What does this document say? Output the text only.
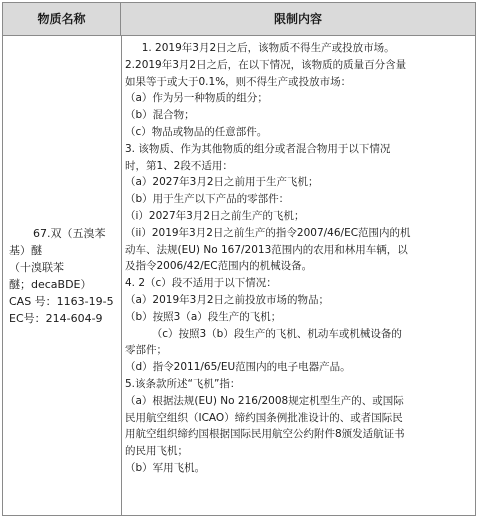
物质名称	限制内容
67.双（五溴苯
基）醚
（十溴联苯
醚；decaBDE）
CAS 号：1163-19-5
EC号：214-604-9
1. 2019年3月2日之后，该物质不得生产或投放市场。
2.2019年3月2日之后，在以下情况，该物质的质量百分含量
如果等于或大于0.1%，则不得生产或投放市场：
（a）作为另一种物质的组分；
（b）混合物；
（c）物品或物品的任意部件。
3. 该物质、作为其他物质的组分或者混合物用于以下情况
时，第1、2段不适用：
（a）2027年3月2日之前用于生产飞机；
（b）用于生产以下产品的零部件：
（i）2027年3月2日之前生产的飞机；
（ii）2019年3月2日之前生产的指令2007/46/EC范围内的机
动车、法规(EU) No 167/2013范围内的农用和林用车辆，以
及指令2006/42/EC范围内的机械设备。
4. 2（c）段不适用于以下情况：
（a）2019年3月2日之前投放市场的物品；
（b）按照3（a）段生产的飞机；
（c）按照3（b）段生产的飞机、机动车或机械设备的
零部件；
（d）指令2011/65/EU范围内的电子电器产品。
5.该条款所述“飞机”指：
（a）根据法规(EU) No 216/2008规定机型生产的、或国际
民用航空组织（ICAO）缔约国条例批准设计的、或者国际民
用航空组织缔约国根据国际民用航空公约附件8颁发适航证书
的民用飞机；
（b）军用飞机。
